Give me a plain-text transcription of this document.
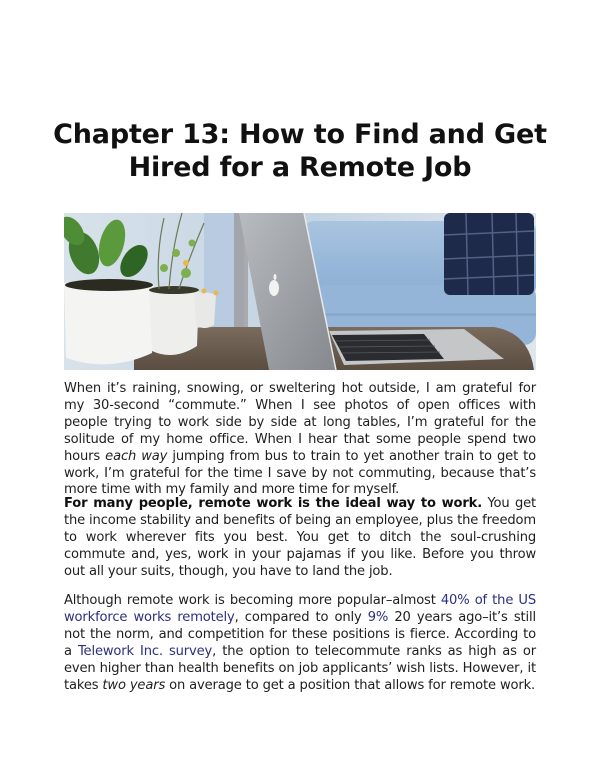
Chapter 13: How to Find and Get
Hired for a Remote Job

When it’s raining, snowing, or sweltering hot outside, I am grateful for my 30-second “commute.” When I see photos of open offices with people trying to work side by side at long tables, I’m grateful for the solitude of my home office. When I hear that some people spend two hours each way jumping from bus to train to yet another train to get to work, I’m grateful for the time I save by not commuting, because that’s more time with my family and more time for myself.

For many people, remote work is the ideal way to work. You get the income stability and benefits of being an employee, plus the freedom to work wherever fits you best. You get to ditch the soul-crushing commute and, yes, work in your pajamas if you like. Before you throw out all your suits, though, you have to land the job.

Although remote work is becoming more popular–almost 40% of the US workforce works remotely, compared to only 9% 20 years ago–it’s still not the norm, and competition for these positions is fierce. According to a Telework Inc. survey, the option to telecommute ranks as high as or even higher than health benefits on job applicants’ wish lists. However, it takes two years on average to get a position that allows for remote work.
